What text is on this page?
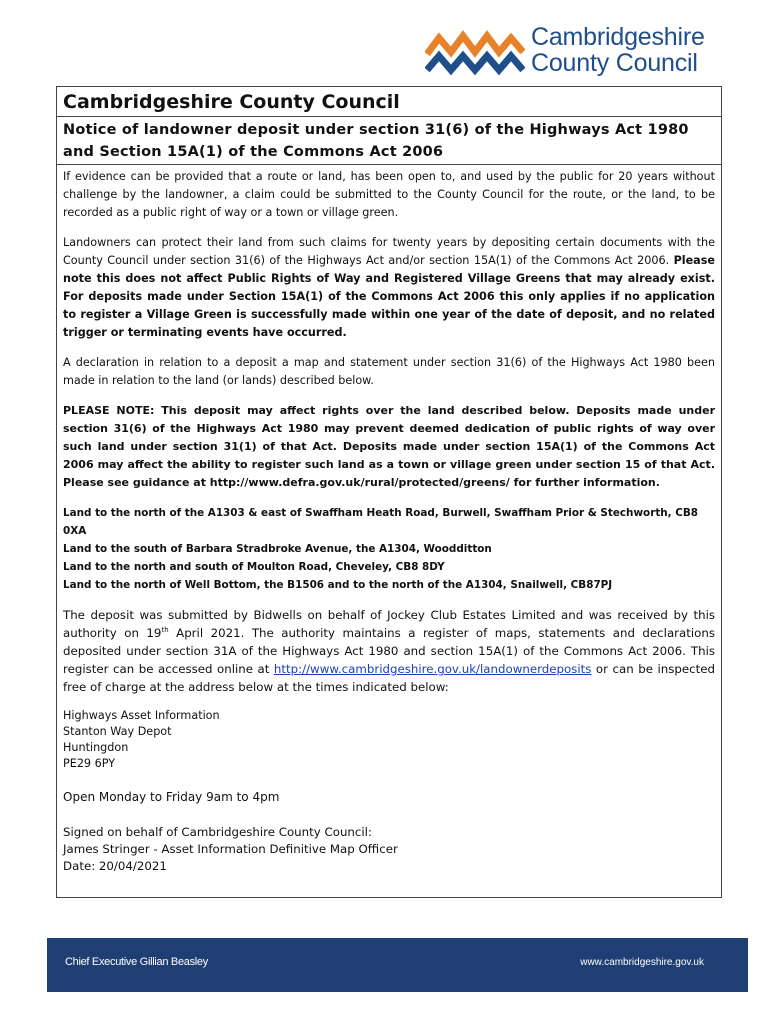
Cambridgeshire
County Council
Cambridgeshire County Council
Notice of landowner deposit under section 31(6) of the Highways Act 1980 and Section 15A(1) of the Commons Act 2006

If evidence can be provided that a route or land, has been open to, and used by the public for 20 years without challenge by the landowner, a claim could be submitted to the County Council for the route, or the land, to be recorded as a public right of way or a town or village green.

Landowners can protect their land from such claims for twenty years by depositing certain documents with the County Council under section 31(6) of the Highways Act and/or section 15A(1) of the Commons Act 2006. Please note this does not affect Public Rights of Way and Registered Village Greens that may already exist. For deposits made under Section 15A(1) of the Commons Act 2006 this only applies if no application to register a Village Green is successfully made within one year of the date of deposit, and no related trigger or terminating events have occurred.

A declaration in relation to a deposit a map and statement under section 31(6) of the Highways Act 1980 been made in relation to the land (or lands) described below.

PLEASE NOTE: This deposit may affect rights over the land described below. Deposits made under section 31(6) of the Highways Act 1980 may prevent deemed dedication of public rights of way over such land under section 31(1) of that Act. Deposits made under section 15A(1) of the Commons Act 2006 may affect the ability to register such land as a town or village green under section 15 of that Act. Please see guidance at http://www.defra.gov.uk/rural/protected/greens/ for further information.

Land to the north of the A1303 & east of Swaffham Heath Road, Burwell, Swaffham Prior & Stechworth, CB8 0XA
Land to the south of Barbara Stradbroke Avenue, the A1304, Woodditton
Land to the north and south of Moulton Road, Cheveley, CB8 8DY
Land to the north of Well Bottom, the B1506 and to the north of the A1304, Snailwell, CB87PJ

The deposit was submitted by Bidwells on behalf of Jockey Club Estates Limited and was received by this authority on 19th April 2021. The authority maintains a register of maps, statements and declarations deposited under section 31A of the Highways Act 1980 and section 15A(1) of the Commons Act 2006. This register can be accessed online at http://www.cambridgeshire.gov.uk/landownerdeposits or can be inspected free of charge at the address below at the times indicated below:

Highways Asset Information
Stanton Way Depot
Huntingdon
PE29 6PY
Open Monday to Friday 9am to 4pm
Signed on behalf of Cambridgeshire County Council:
James Stringer - Asset Information Definitive Map Officer
Date: 20/04/2021
Chief Executive Gillian Beasley	www.cambridgeshire.gov.uk
